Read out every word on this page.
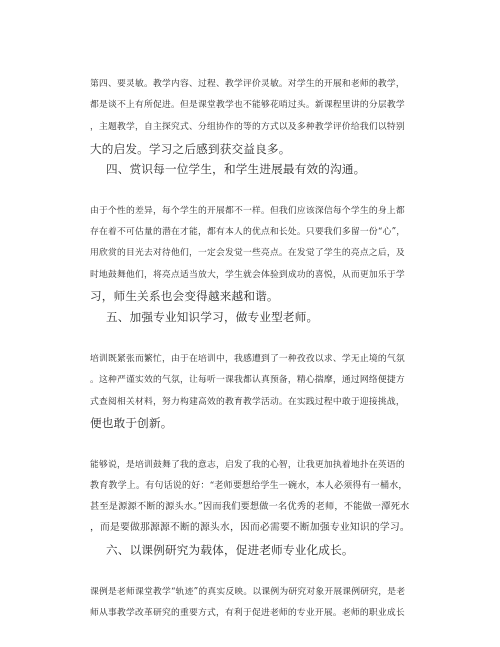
第四、要灵敏。教学内容、过程、教学评价灵敏。对学生的开展和老师的教学，
都是谈不上有所促进。但是课堂教学也不能够花哨过头。新课程里讲的分层教学
，主题教学，自主探究式、分组协作的等的方式以及多种教学评价给我们以特别
大的启发。学习之后感到获交益良多。
四、赏识每一位学生，和学生进展最有效的沟通。
由于个性的差异，每个学生的开展都不一样。但我们应该深信每个学生的身上都
存在着不可估量的潜在才能，都有本人的优点和长处。只要我们多留一份“心”，
用欣赏的目光去对待他们，一定会发觉一些亮点。在发觉了学生的亮点之后，及
时地鼓舞他们，将亮点适当放大，学生就会体验到成功的喜悦，从而更加乐于学
习，师生关系也会变得越来越和谐。
五、加强专业知识学习，做专业型老师。
培训既紧张而繁忙，由于在培训中，我感遭到了一种孜孜以求、学无止境的气氛
。这种严谨实效的气氛，让每听一课我都认真预备，精心揣摩，通过网络便捷方
式查阅相关材料，努力构建高效的教育教学活动。在实践过程中敢于迎接挑战，
便也敢于创新。
能够说，是培训鼓舞了我的意志，启发了我的心智，让我更加执着地扑在英语的
教育教学上。有句话说的好：“老师要想给学生一碗水，本人必须得有一桶水，
甚至是源源不断的源头水。”因而我们要想做一名优秀的老师，不能做一潭死水
，而是要做那源源不断的源头水，因而必需要不断加强专业知识的学习。
六、以课例研究为载体，促进老师专业化成长。
课例是老师课堂教学“轨迹”的真实反映。以课例为研究对象开展课例研究，是老
师从事教学改革研究的重要方式，有利于促进老师的专业开展。老师的职业成长
